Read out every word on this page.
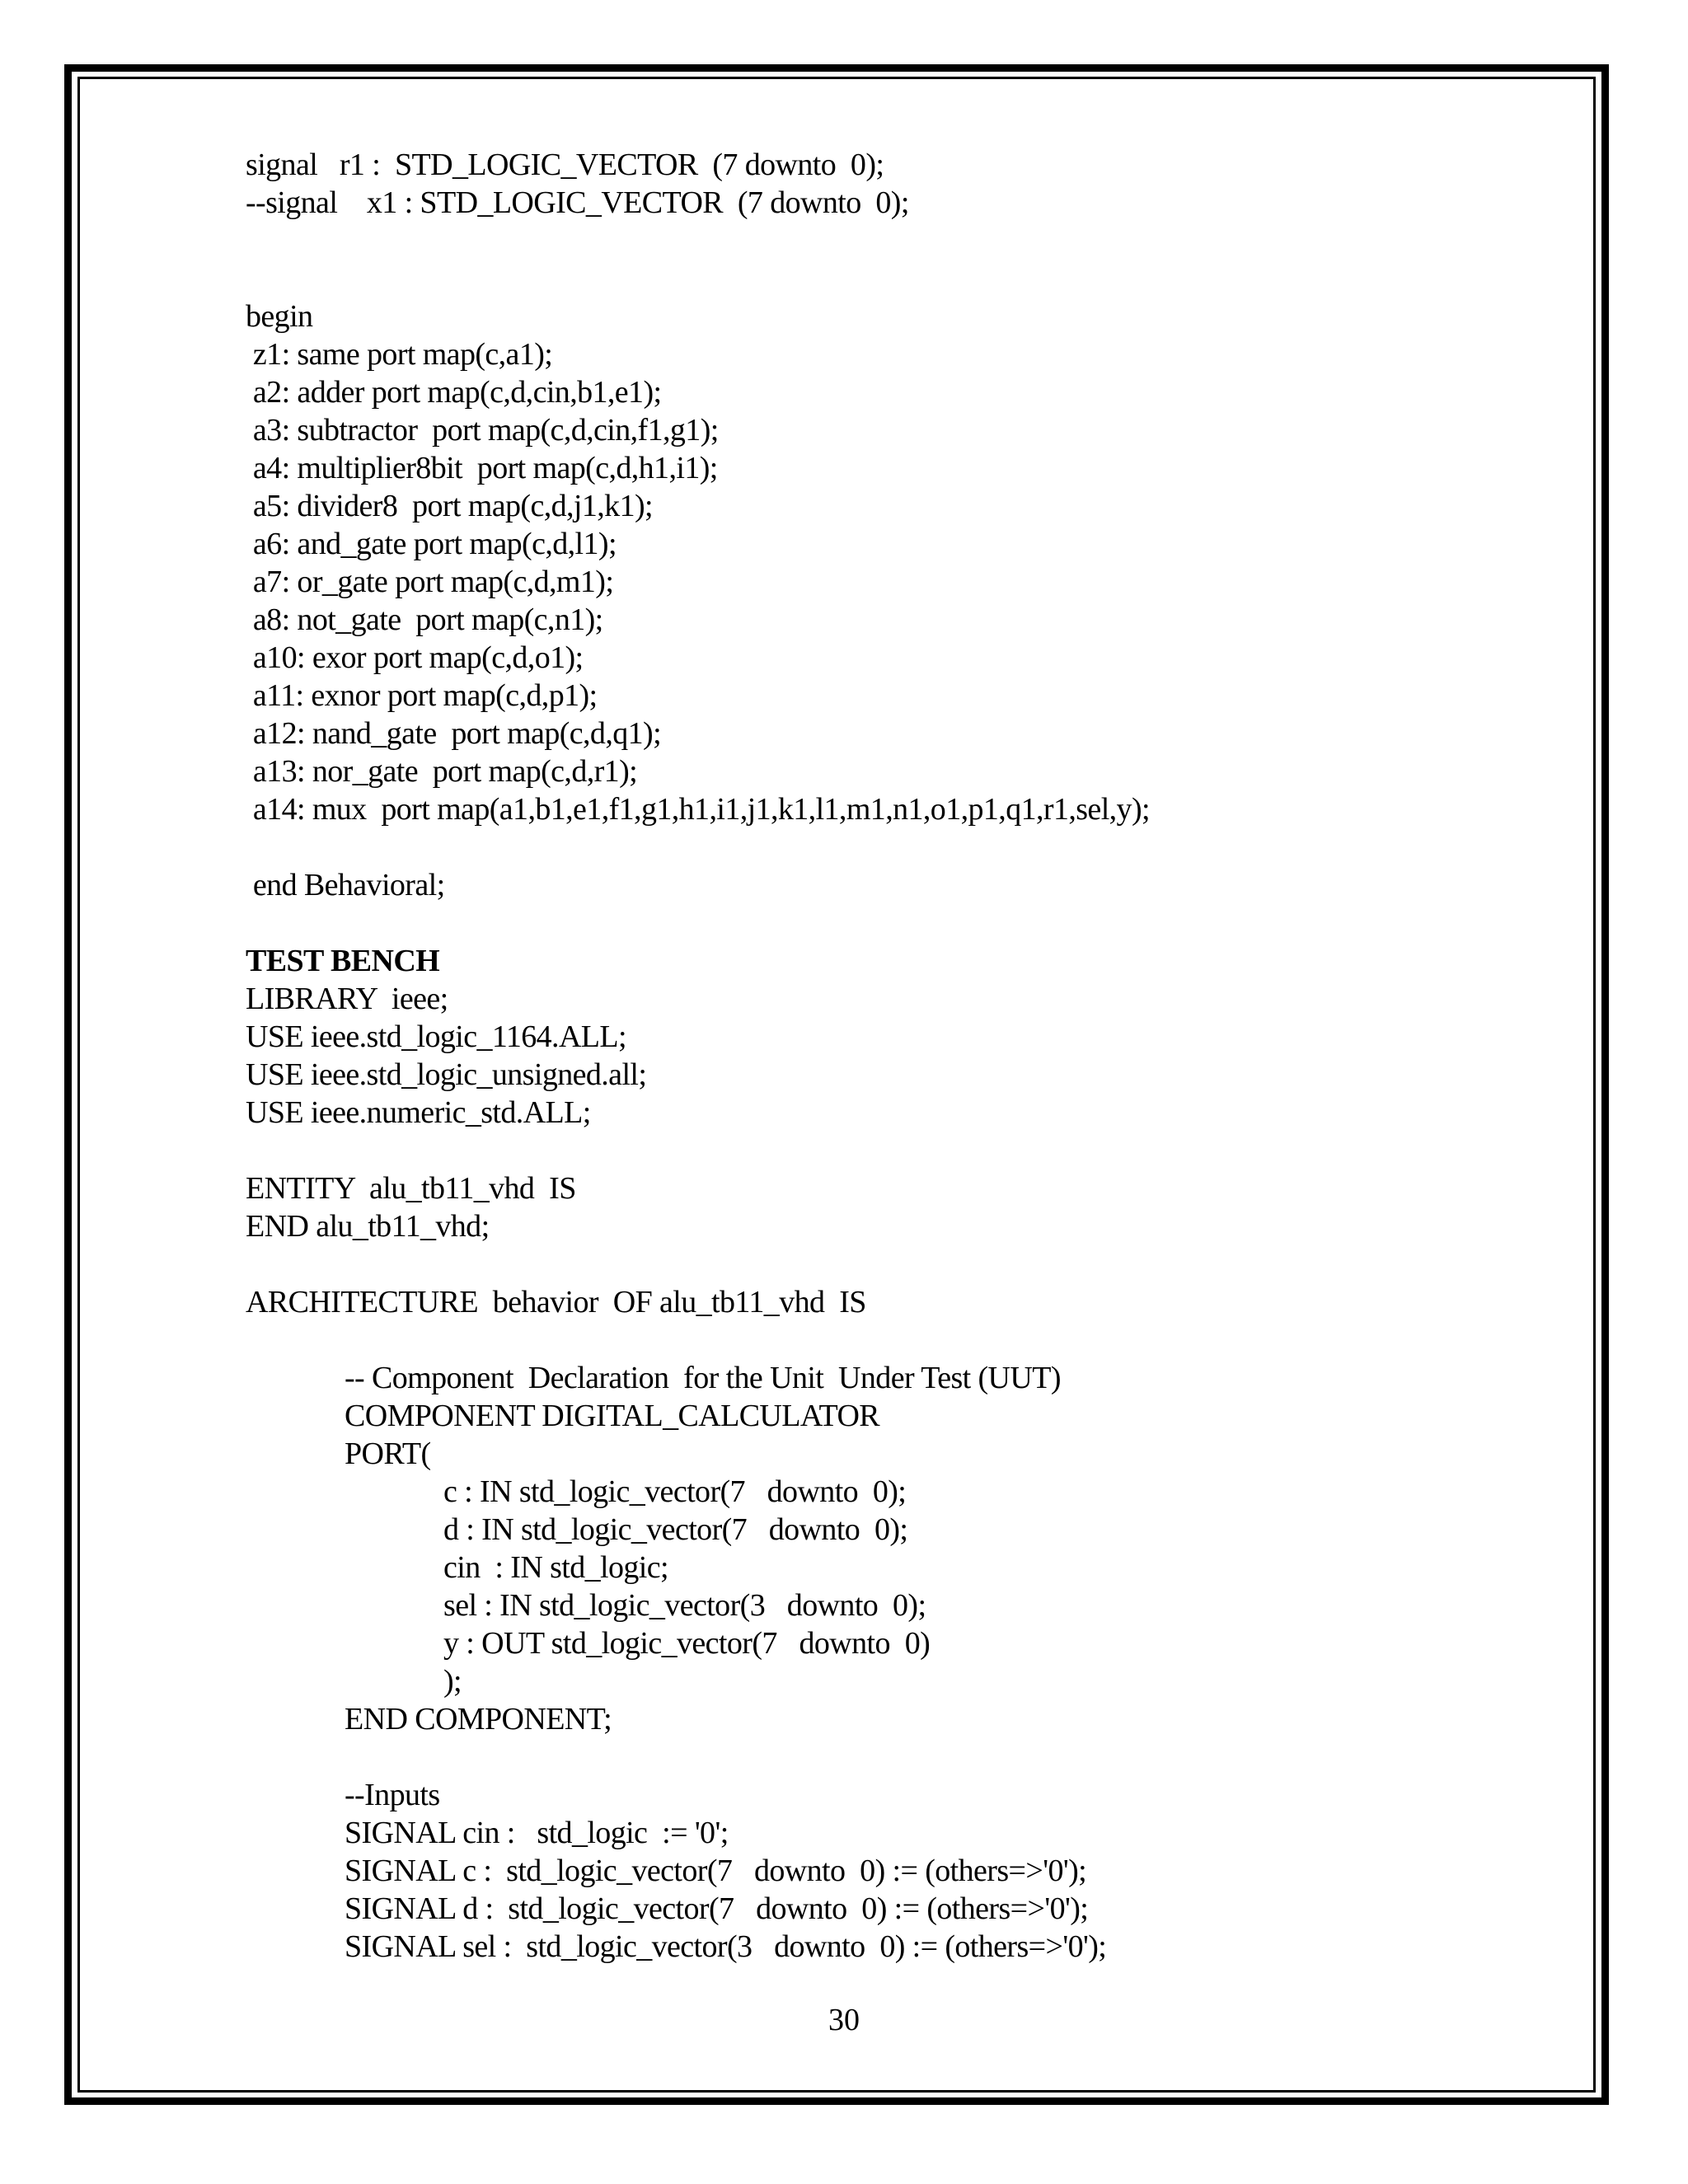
signal   r1 :  STD_LOGIC_VECTOR  (7 downto  0);
--signal    x1 : STD_LOGIC_VECTOR  (7 downto  0);
begin
z1: same port map(c,a1);
a2: adder port map(c,d,cin,b1,e1);
a3: subtractor  port map(c,d,cin,f1,g1);
a4: multiplier8bit  port map(c,d,h1,i1);
a5: divider8  port map(c,d,j1,k1);
a6: and_gate port map(c,d,l1);
a7: or_gate port map(c,d,m1);
a8: not_gate  port map(c,n1);
a10: exor port map(c,d,o1);
a11: exnor port map(c,d,p1);
a12: nand_gate  port map(c,d,q1);
a13: nor_gate  port map(c,d,r1);
a14: mux  port map(a1,b1,e1,f1,g1,h1,i1,j1,k1,l1,m1,n1,o1,p1,q1,r1,sel,y);
end Behavioral;
TEST BENCH
LIBRARY  ieee;
USE ieee.std_logic_1164.ALL;
USE ieee.std_logic_unsigned.all;
USE ieee.numeric_std.ALL;
ENTITY  alu_tb11_vhd  IS
END alu_tb11_vhd;
ARCHITECTURE  behavior  OF alu_tb11_vhd  IS
-- Component  Declaration  for the Unit  Under Test (UUT)
COMPONENT DIGITAL_CALCULATOR
PORT(
c : IN std_logic_vector(7   downto  0);
d : IN std_logic_vector(7   downto  0);
cin  : IN std_logic;
sel : IN std_logic_vector(3   downto  0);
y : OUT std_logic_vector(7   downto  0)
);
END COMPONENT;
--Inputs
SIGNAL cin :   std_logic  := '0';
SIGNAL c :  std_logic_vector(7   downto  0) := (others=>'0');
SIGNAL d :  std_logic_vector(7   downto  0) := (others=>'0');
SIGNAL sel :  std_logic_vector(3   downto  0) := (others=>'0');
30
